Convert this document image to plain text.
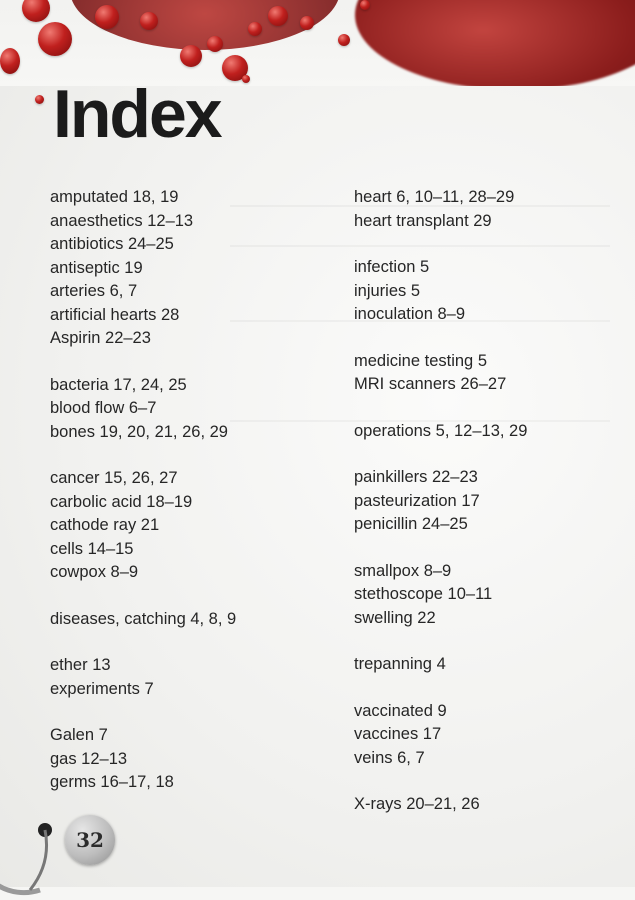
Index
amputated 18, 19
anaesthetics 12–13
antibiotics 24–25
antiseptic 19
arteries 6, 7
artificial hearts 28
Aspirin 22–23
bacteria 17, 24, 25
blood flow 6–7
bones 19, 20, 21, 26, 29
cancer 15, 26, 27
carbolic acid 18–19
cathode ray 21
cells 14–15
cowpox 8–9
diseases, catching 4, 8, 9
ether 13
experiments 7
Galen 7
gas 12–13
germs 16–17, 18
heart 6, 10–11, 28–29
heart transplant 29
infection 5
injuries 5
inoculation 8–9
medicine testing 5
MRI scanners 26–27
operations 5, 12–13, 29
painkillers 22–23
pasteurization 17
penicillin 24–25
smallpox 8–9
stethoscope 10–11
swelling 22
trepanning 4
vaccinated 9
vaccines 17
veins 6, 7
X-rays 20–21, 26
32
